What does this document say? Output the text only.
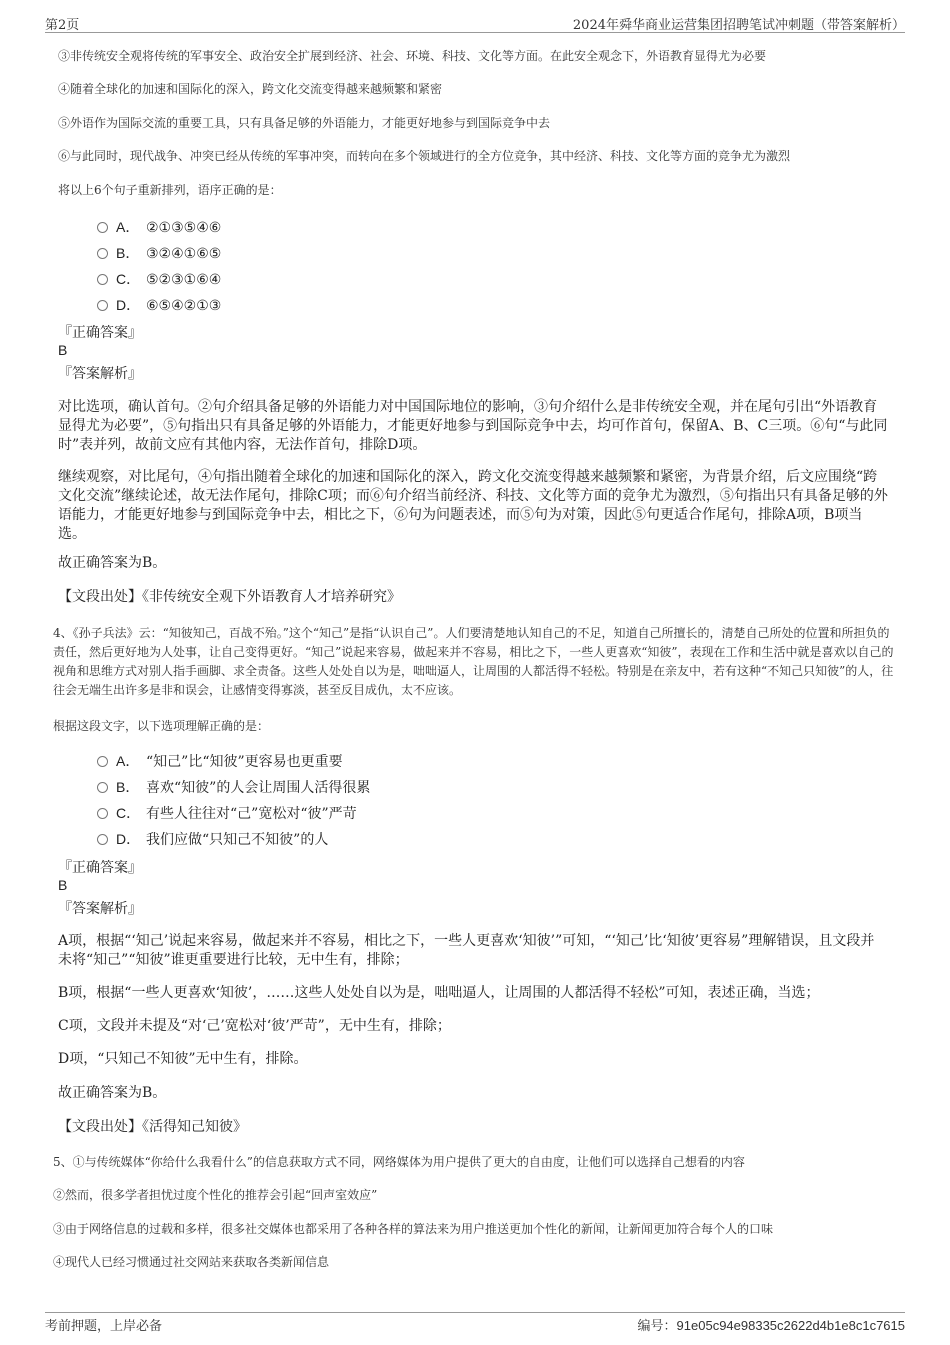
第2页	2024年舜华商业运营集团招聘笔试冲刺题（带答案解析）
③非传统安全观将传统的军事安全、政治安全扩展到经济、社会、环境、科技、文化等方面。在此安全观念下，外语教育显得尤为必要
④随着全球化的加速和国际化的深入，跨文化交流变得越来越频繁和紧密
⑤外语作为国际交流的重要工具，只有具备足够的外语能力，才能更好地参与到国际竞争中去
⑥与此同时，现代战争、冲突已经从传统的军事冲突，而转向在多个领域进行的全方位竞争，其中经济、科技、文化等方面的竞争尤为激烈
将以上6个句子重新排列，语序正确的是：
A． ②①③⑤④⑥
B． ③②④①⑥⑤
C． ⑤②③①⑥④
D． ⑥⑤④②①③
『正确答案』
B
『答案解析』
对比选项，确认首句。②句介绍具备足够的外语能力对中国国际地位的影响，③句介绍什么是非传统安全观，并在尾句引出“外语教育显得尤为必要”，⑤句指出只有具备足够的外语能力，才能更好地参与到国际竞争中去，均可作首句，保留A、B、C三项。⑥句“与此同时”表并列，故前文应有其他内容，无法作首句，排除D项。
继续观察，对比尾句，④句指出随着全球化的加速和国际化的深入，跨文化交流变得越来越频繁和紧密，为背景介绍，后文应围绕“跨文化交流”继续论述，故无法作尾句，排除C项；而⑥句介绍当前经济、科技、文化等方面的竞争尤为激烈，⑤句指出只有具备足够的外语能力，才能更好地参与到国际竞争中去，相比之下，⑥句为问题表述，而⑤句为对策，因此⑤句更适合作尾句，排除A项，B项当选。
故正确答案为B。
【文段出处】《非传统安全观下外语教育人才培养研究》
4、《孙子兵法》云：“知彼知己，百战不殆。”这个“知己”是指“认识自己”。人们要清楚地认知自己的不足，知道自己所擅长的，清楚自己所处的位置和所担负的责任，然后更好地为人处事，让自己变得更好。“知己”说起来容易，做起来并不容易，相比之下，一些人更喜欢“知彼”，表现在工作和生活中就是喜欢以自己的视角和思维方式对别人指手画脚、求全责备。这些人处处自以为是，咄咄逼人，让周围的人都活得不轻松。特别是在亲友中，若有这种“不知己只知彼”的人，往往会无端生出许多是非和误会，让感情变得寡淡，甚至反目成仇，太不应该。
根据这段文字，以下选项理解正确的是：
A． “知己”比“知彼”更容易也更重要
B． 喜欢“知彼”的人会让周围人活得很累
C． 有些人往往对“己”宽松对“彼”严苛
D． 我们应做“只知己不知彼”的人
『正确答案』
B
『答案解析』
A项，根据“‘知己’说起来容易，做起来并不容易，相比之下，一些人更喜欢‘知彼’”可知，“‘知己’比‘知彼’更容易”理解错误，且文段并未将“知己”“知彼”谁更重要进行比较，无中生有，排除；
B项，根据“一些人更喜欢‘知彼’，……这些人处处自以为是，咄咄逼人，让周围的人都活得不轻松”可知，表述正确，当选；
C项，文段并未提及“对‘己’宽松对‘彼’严苛”，无中生有，排除；
D项，“只知己不知彼”无中生有，排除。
故正确答案为B。
【文段出处】《活得知己知彼》
5、①与传统媒体“你给什么我看什么”的信息获取方式不同，网络媒体为用户提供了更大的自由度，让他们可以选择自己想看的内容
②然而，很多学者担忧过度个性化的推荐会引起“回声室效应”
③由于网络信息的过载和多样，很多社交媒体也都采用了各种各样的算法来为用户推送更加个性化的新闻，让新闻更加符合每个人的口味
④现代人已经习惯通过社交网站来获取各类新闻信息
考前押题，上岸必备	编号：91e05c94e98335c2622d4b1e8c1c7615
